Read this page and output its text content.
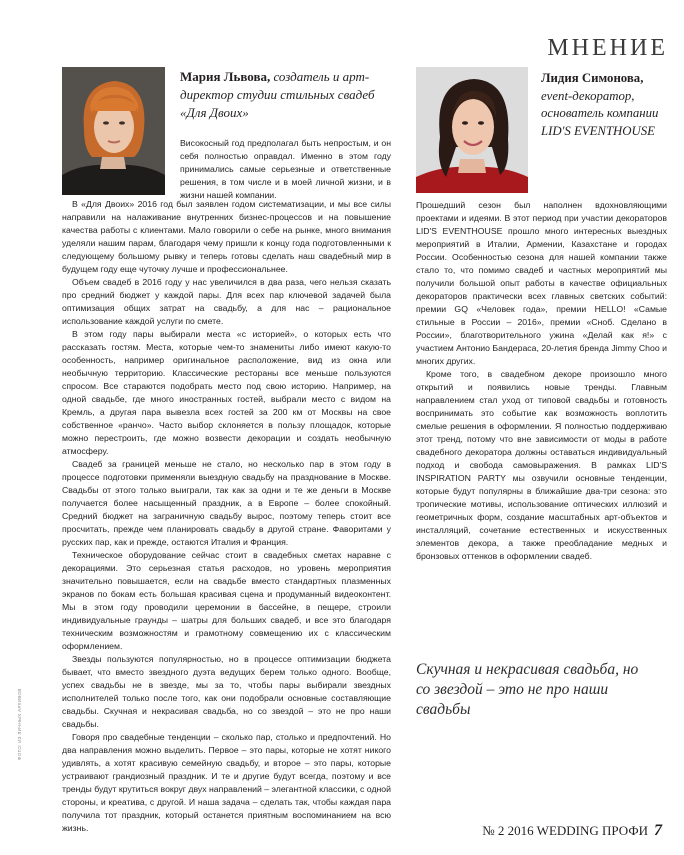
МНЕНИЕ
Мария Львова, создатель и арт-директор студии стильных свадеб «Для Двоих»

Високосный год предполагал быть непростым, и он себя полностью оправдал. Именно в этом году принимались самые серьезные и ответственные решения, в том числе и в моей личной жизни, и в жизни нашей компании.

В «Для Двоих» 2016 год был заявлен годом систематизации, и мы все силы направили на налаживание внутренних бизнес-процессов и на повышение качества работы с клиентами. Мало говорили о себе на рынке, много внимания уделяли нашим парам, благодаря чему пришли к концу года подготовленными к следующему большому рывку и теперь готовы сделать наш свадебный мир в будущем году еще чуточку лучше и профессиональнее.

Объем свадеб в 2016 году у нас увеличился в два раза, чего нельзя сказать про средний бюджет у каждой пары. Для всех пар ключевой задачей была оптимизация общих затрат на свадьбу, а для нас – рациональное использование каждой услуги по смете.

В этом году пары выбирали места «с историей», о которых есть что рассказать гостям. Места, которые чем-то знамениты либо имеют какую-то особенность, например оригинальное расположение, вид из окна или необычную территорию. Классические рестораны все меньше пользуются спросом. Все стараются подобрать место под свою историю. Например, на одной свадьбе, где много иностранных гостей, выбрали место с видом на Кремль, а другая пара вывезла всех гостей за 200 км от Москвы на свое собственное «ранчо». Часто выбор склоняется в пользу площадок, которые можно перестроить, где можно возвести декорации и создать необычную атмосферу.

Свадеб за границей меньше не стало, но несколько пар в этом году в процессе подготовки применяли выездную свадьбу на празднование в Москве. Свадьбы от этого только выиграли, так как за одни и те же деньги в Москве получается более насыщенный праздник, а в Европе – более спокойный. Средний бюджет на заграничную свадьбу вырос, поэтому теперь стоит все просчитать, прежде чем планировать свадьбу в другой стране. Фаворитами у русских пар, как и прежде, остаются Италия и Франция.

Техническое оборудование сейчас стоит в свадебных сметах наравне с декорациями. Это серьезная статья расходов, но уровень мероприятия значительно повышается, если на свадьбе вместо стандартных плазменных экранов по бокам есть большая красивая сцена и продуманный видеоконтент. Мы в этом году проводили церемонии в бассейне, в пещере, строили индивидуальные граунды – шатры для больших свадеб, и все это благодаря техническим возможностям и грамотному совмещению их с классическим оформлением.

Звезды пользуются популярностью, но в процессе оптимизации бюджета бывает, что вместо звездного дуэта ведущих берем только одного. Вообще, успех свадьбы не в звезде, мы за то, чтобы пары выбирали звездных исполнителей только после того, как они подобрали основные составляющие свадьбы. Скучная и некрасивая свадьба, но со звездой – это не про наши свадьбы.

Говоря про свадебные тенденции – сколько пар, столько и предпочтений. Но два направления можно выделить. Первое – это пары, которые не хотят никого удивлять, а хотят красивую семейную свадьбу, и второе – это пары, которые устраивают грандиозный праздник. И те и другие будут всегда, поэтому и все тренды будут крутиться вокруг двух направлений – элегантной классики, с одной стороны, и креатива, с другой. И наша задача – сделать так, чтобы каждая пара получила тот праздник, который останется приятным воспоминанием на всю жизнь.

Лидия Симонова, event-декоратор, основатель компании LID'S EVENTHOUSE

Прошедший сезон был наполнен вдохновляющими проектами и идеями. В этот период при участии декораторов LID'S EVENTHOUSE прошло много интересных выездных мероприятий в Италии, Армении, Казахстане и городах России. Особенностью сезона для нашей компании также стало то, что помимо свадеб и частных мероприятий мы получили большой опыт работы в качестве официальных декораторов практически всех главных светских событий: премии GQ «Человек года», премии HELLO! «Самые стильные в России – 2016», премии «Сноб. Сделано в России», благотворительного ужина «Делай как я!» с участием Антонио Бандераса, 20-летия бренда Jimmy Choo и многих других.

Кроме того, в свадебном декоре произошло много открытий и появились новые тренды. Главным направлением стал уход от типовой свадьбы и готовность воспринимать это событие как возможность воплотить смелые решения в оформлении. Я полностью поддерживаю этот тренд, потому что вне зависимости от моды в работе свадебного декоратора должны оставаться индивидуальный подход и свобода самовыражения. В рамках LID'S INSPIRATION PARTY мы озвучили основные тенденции, которые будут популярны в ближайшие два-три сезона: это тропические мотивы, использование оптических иллюзий и геометричных форм, создание масштабных арт-объектов и инсталляций, сочетание естественных и искусственных элементов декора, а также преобладание медных и бронзовых оттенков в оформлении свадеб.

Скучная и некрасивая свадьба, но со звездой – это не про наши свадьбы

ФОТО: ИЗ ЛИЧНЫХ АРХИВОВ
№ 2 2016 WEDDING ПРОФИ 7
